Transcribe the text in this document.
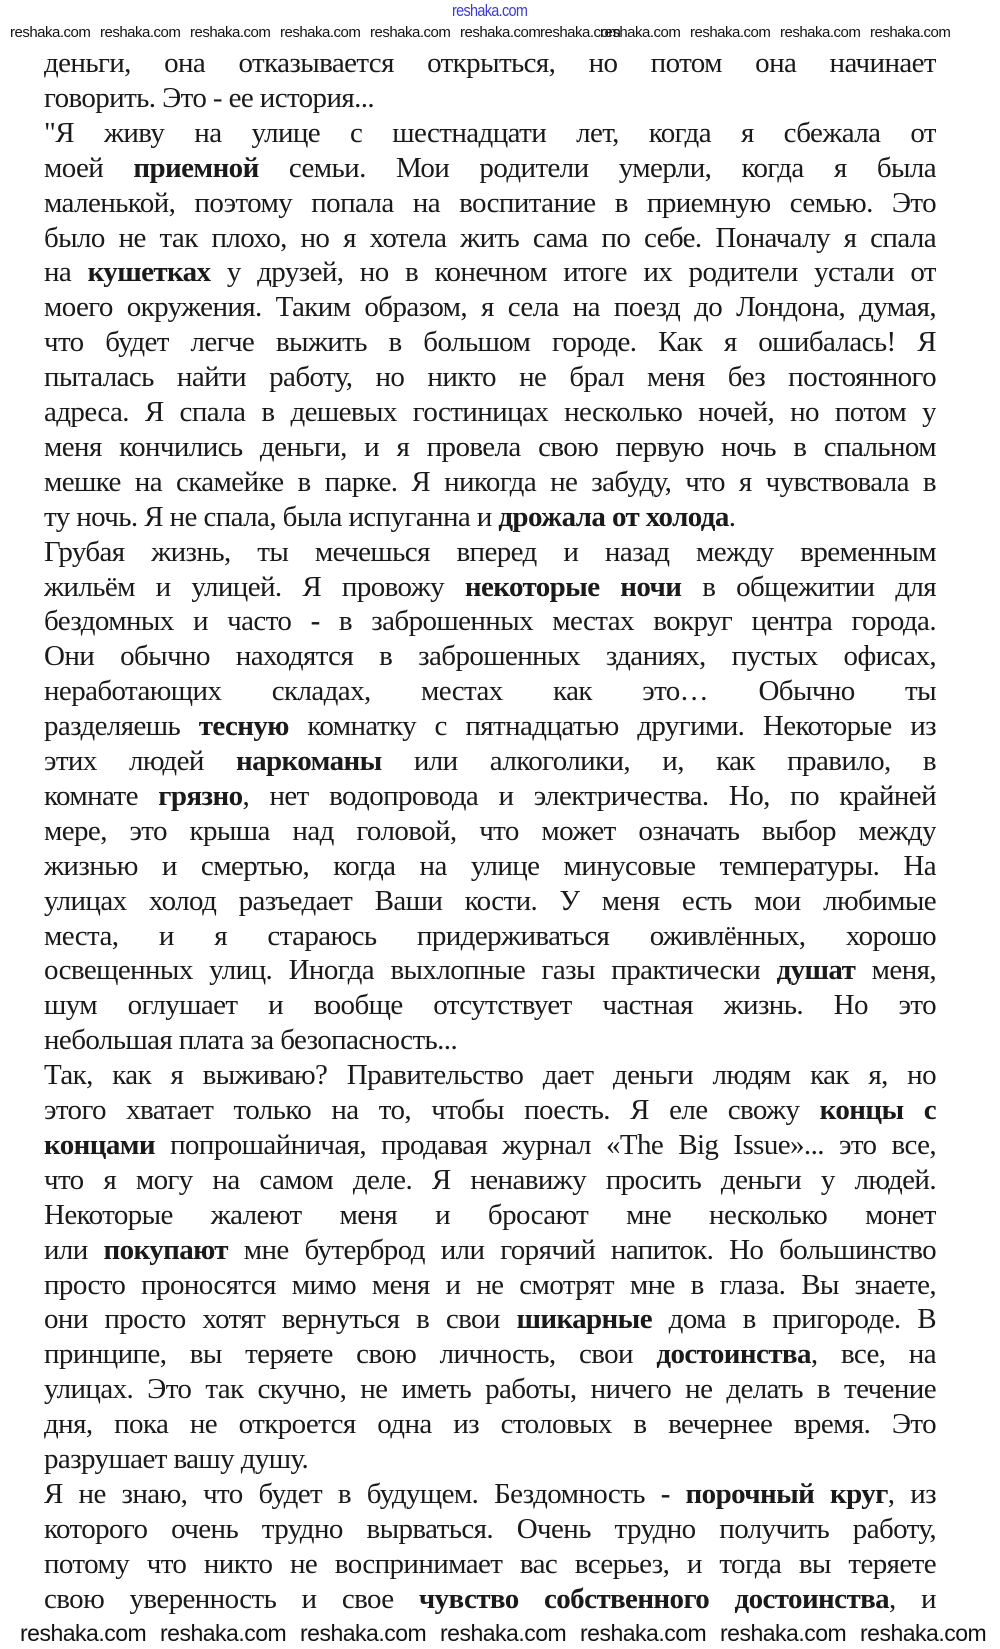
reshaka.com
деньги, она отказывается открыться, но потом она начинает
говорить. Это - ее история...
"Я живу на улице с шестнадцати лет, когда я сбежала от
моей приемной семьи. Мои родители умерли, когда я была
маленькой, поэтому попала на воспитание в приемную семью. Это
было не так плохо, но я хотела жить сама по себе. Поначалу я спала
на кушетках у друзей, но в конечном итоге их родители устали от
моего окружения. Таким образом, я села на поезд до Лондона, думая,
что будет легче выжить в большом городе. Как я ошибалась! Я
пыталась найти работу, но никто не брал меня без постоянного
адреса. Я спала в дешевых гостиницах несколько ночей, но потом у
меня кончились деньги, и я провела свою первую ночь в спальном
мешке на скамейке в парке. Я никогда не забуду, что я чувствовала в
ту ночь. Я не спала, была испуганна и дрожала от холода.
Грубая жизнь, ты мечешься вперед и назад между временным
жильём и улицей. Я провожу некоторые ночи в общежитии для
бездомных и часто - в заброшенных местах вокруг центра города.
Они обычно находятся в заброшенных зданиях, пустых офисах,
неработающих складах, местах как это… Обычно ты
разделяешь тесную комнатку с пятнадцатью другими. Некоторые из
этих людей наркоманы или алкоголики, и, как правило, в
комнате грязно, нет водопровода и электричества. Но, по крайней
мере, это крыша над головой, что может означать выбор между
жизнью и смертью, когда на улице минусовые температуры. На
улицах холод разъедает Ваши кости. У меня есть мои любимые
места, и я стараюсь придерживаться оживлённых, хорошо
освещенных улиц. Иногда выхлопные газы практически душат меня,
шум оглушает и вообще отсутствует частная жизнь. Но это
небольшая плата за безопасность...
Так, как я выживаю? Правительство дает деньги людям как я, но
этого хватает только на то, чтобы поесть. Я еле свожу концы с
концами попрошайничая, продавая журнал «The Big Issue»... это все,
что я могу на самом деле. Я ненавижу просить деньги у людей.
Некоторые жалеют меня и бросают мне несколько монет
или покупают мне бутерброд или горячий напиток. Но большинство
просто проносятся мимо меня и не смотрят мне в глаза. Вы знаете,
они просто хотят вернуться в свои шикарные дома в пригороде. В
принципе, вы теряете свою личность, свои достоинства, все, на
улицах. Это так скучно, не иметь работы, ничего не делать в течение
дня, пока не откроется одна из столовых в вечернее время. Это
разрушает вашу душу.
Я не знаю, что будет в будущем. Бездомность - порочный круг, из
которого очень трудно вырваться. Очень трудно получить работу,
потому что никто не воспринимает вас всерьез, и тогда вы теряете
свою уверенность и свое чувство собственного достоинства, и
reshaka.com reshaka.com reshaka.com reshaka.com reshaka.com	reshaka.com reshaka.com reshaka.com reshaka.com
reshaka.com reshaka.com reshaka.com reshaka.com reshaka.com reshaka.com reshaka.com
reshaka.com reshaka.com
